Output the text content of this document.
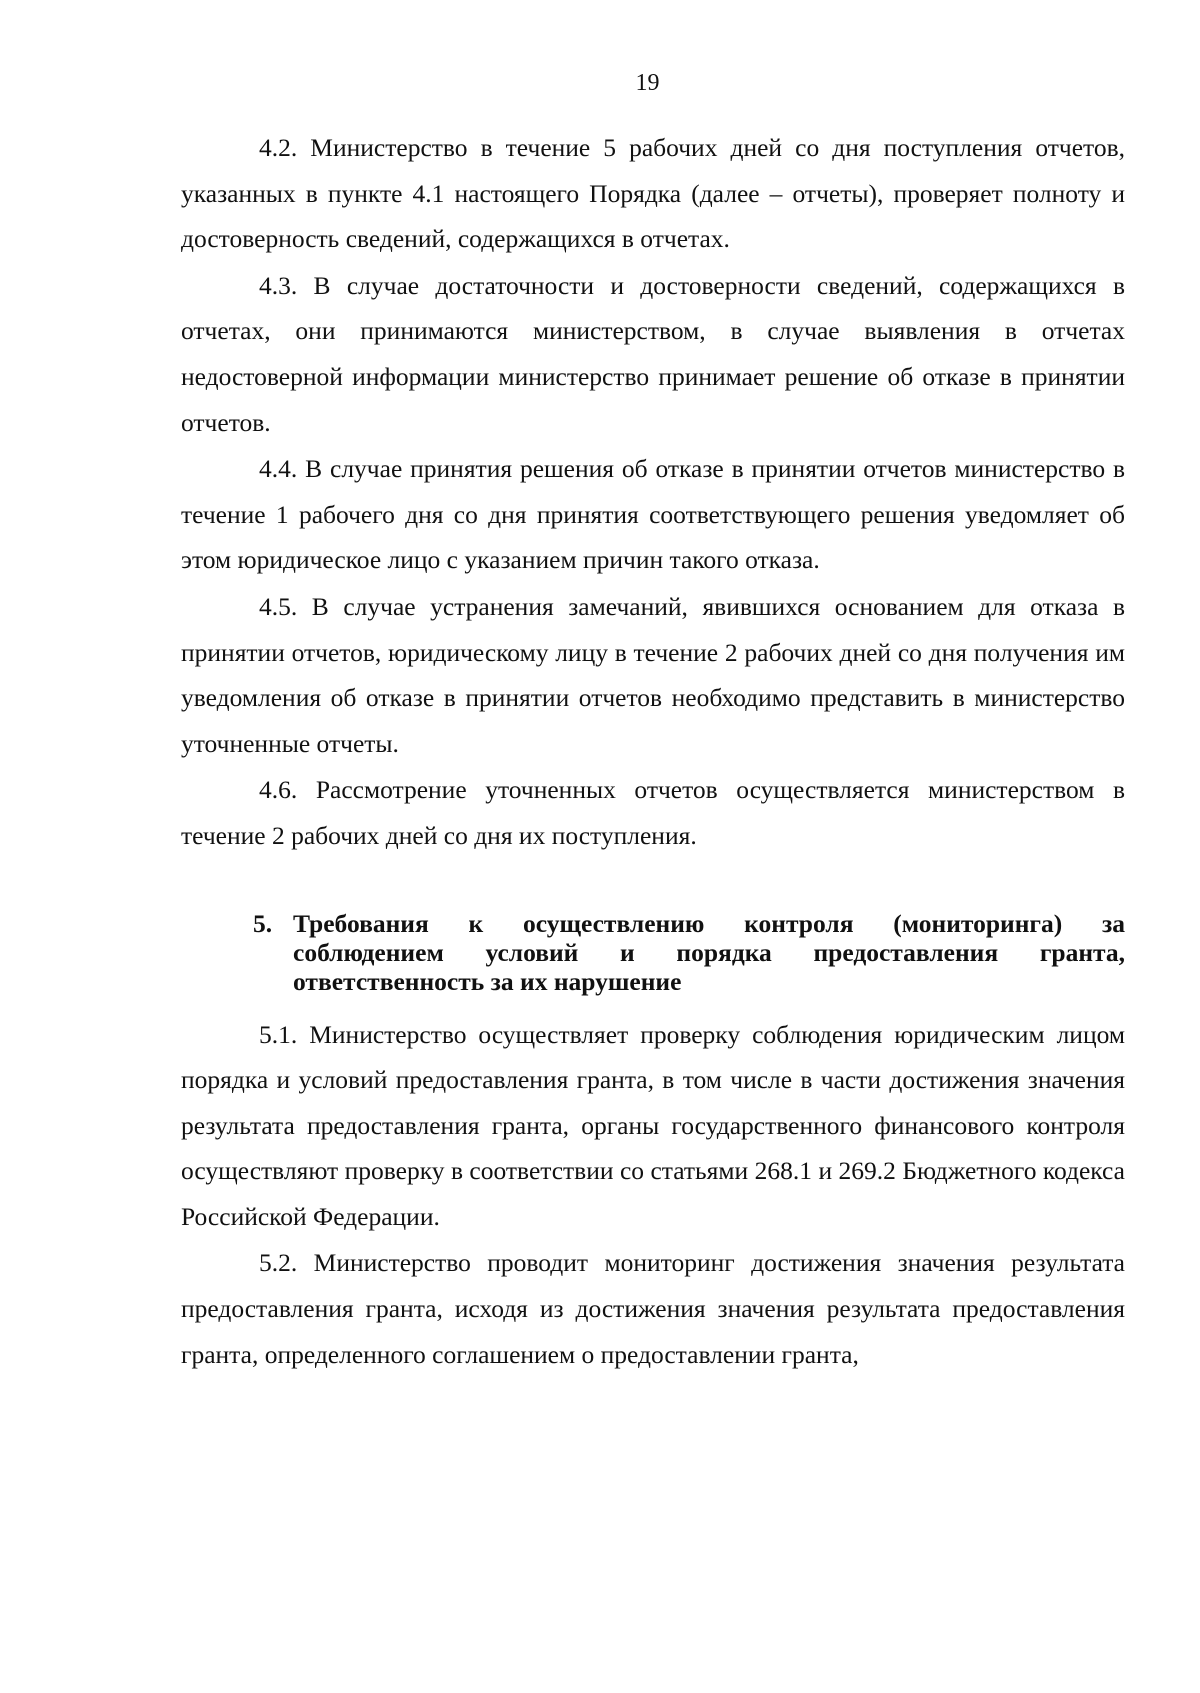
19

4.2. Министерство в течение 5 рабочих дней со дня поступления отчетов, указанных в пункте 4.1 настоящего Порядка (далее – отчеты), проверяет полноту и достоверность сведений, содержащихся в отчетах.

4.3. В случае достаточности и достоверности сведений, содержащихся в отчетах, они принимаются министерством, в случае выявления в отчетах недостоверной информации министерство принимает решение об отказе в принятии отчетов.

4.4. В случае принятия решения об отказе в принятии отчетов министерство в течение 1 рабочего дня со дня принятия соответствующего решения уведомляет об этом юридическое лицо с указанием причин такого отказа.

4.5. В случае устранения замечаний, явившихся основанием для отказа в принятии отчетов, юридическому лицу в течение 2 рабочих дней со дня получения им уведомления об отказе в принятии отчетов необходимо представить в министерство уточненные отчеты.

4.6. Рассмотрение уточненных отчетов осуществляется министерством в течение 2 рабочих дней со дня их поступления.

5. Требования к осуществлению контроля (мониторинга) за
соблюдением условий и порядка предоставления гранта,
ответственность за их нарушение

5.1. Министерство осуществляет проверку соблюдения юридическим лицом порядка и условий предоставления гранта, в том числе в части достижения значения результата предоставления гранта, органы государственного финансового контроля осуществляют проверку в соответствии со статьями 268.1 и 269.2 Бюджетного кодекса Российской Федерации.

5.2. Министерство проводит мониторинг достижения значения результата предоставления гранта, исходя из достижения значения результата предоставления гранта, определенного соглашением о предоставлении гранта,
